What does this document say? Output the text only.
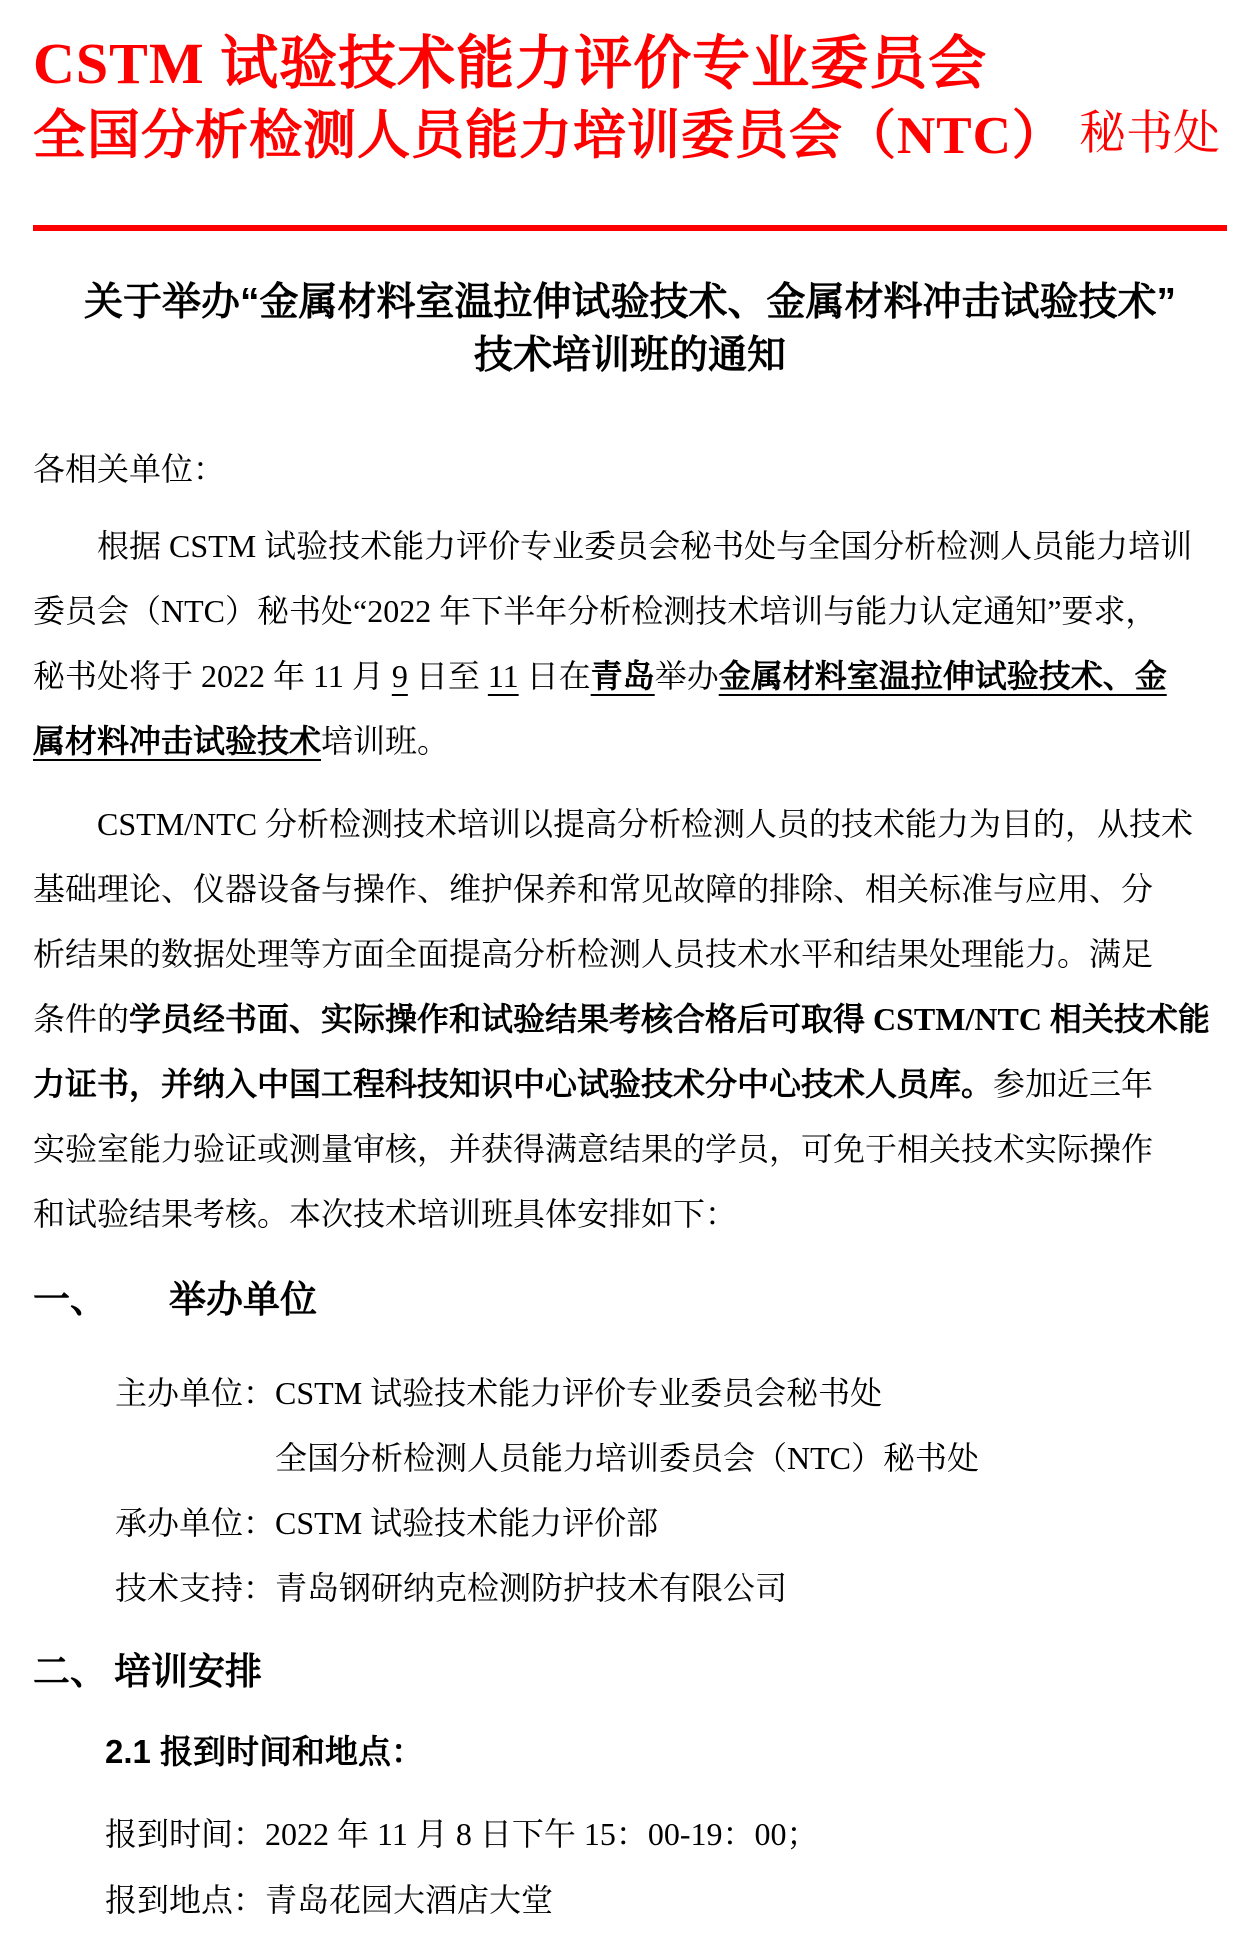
CSTM 试验技术能力评价专业委员会
全国分析检测人员能力培训委员会（NTC） 秘书处
关于举办“金属材料室温拉伸试验技术、金属材料冲击试验技术”
技术培训班的通知
各相关单位：
根据 CSTM 试验技术能力评价专业委员会秘书处与全国分析检测人员能力培训
委员会（NTC）秘书处“2022 年下半年分析检测技术培训与能力认定通知”要求，
秘书处将于 2022 年 11 月 9 日至 11 日在青岛举办金属材料室温拉伸试验技术、金
属材料冲击试验技术培训班。
CSTM/NTC 分析检测技术培训以提高分析检测人员的技术能力为目的，从技术
基础理论、仪器设备与操作、维护保养和常见故障的排除、相关标准与应用、分
析结果的数据处理等方面全面提高分析检测人员技术水平和结果处理能力。满足
条件的学员经书面、实际操作和试验结果考核合格后可取得 CSTM/NTC 相关技术能
力证书，并纳入中国工程科技知识中心试验技术分中心技术人员库。参加近三年
实验室能力验证或测量审核，并获得满意结果的学员，可免于相关技术实际操作
和试验结果考核。本次技术培训班具体安排如下：
一、 举办单位
主办单位：CSTM 试验技术能力评价专业委员会秘书处
全国分析检测人员能力培训委员会（NTC）秘书处
承办单位：CSTM 试验技术能力评价部
技术支持：青岛钢研纳克检测防护技术有限公司
二、 培训安排
2.1 报到时间和地点：
报到时间：2022 年 11 月 8 日下午 15：00-19：00；
报到地点：青岛花园大酒店大堂
